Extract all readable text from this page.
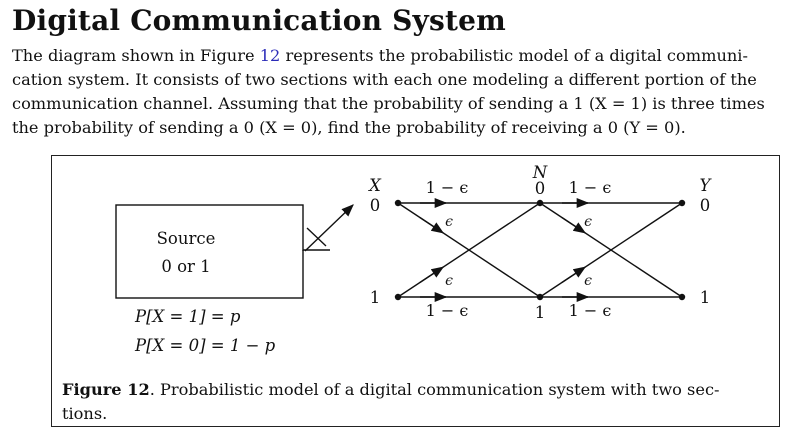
Digital Communication System
The diagram shown in Figure 12 represents the probabilistic model of a digital communi-
cation system. It consists of two sections with each one modeling a different portion of the
communication channel. Assuming that the probability of sending a 1 (X = 1) is three times
the probability of sending a 0 (X = 0), find the probability of receiving a 0 (Y = 0).
Source
0 or 1
P[X = 1] = p
P[X = 0] = 1 − p
X
N
Y
0
1
0
1
0
1
1 − ϵ
1 − ϵ
1 − ϵ
1 − ϵ
ϵ
ϵ
ϵ
ϵ
Figure 12. Probabilistic model of a digital communication system with two sec-
tions.
